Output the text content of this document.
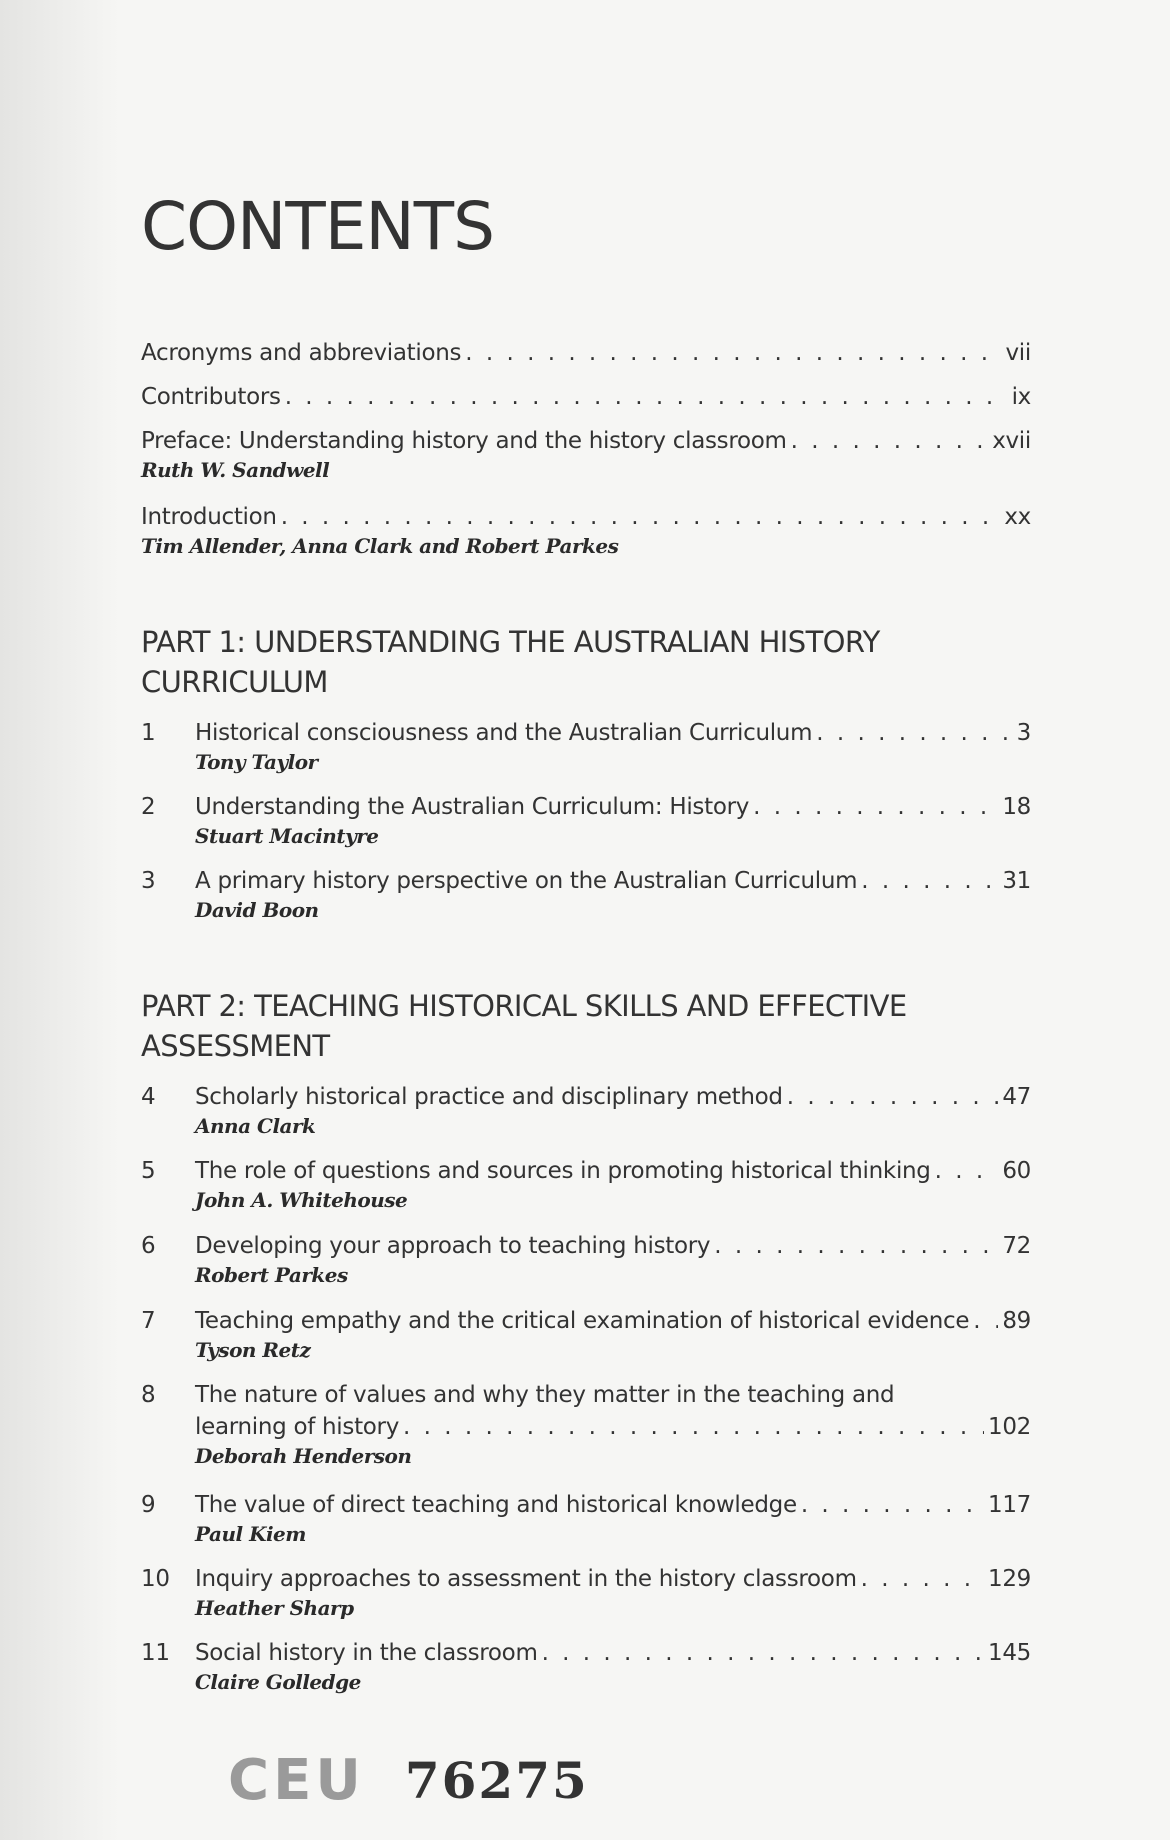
CONTENTS
Acronyms and abbreviations . . .	vii
Contributors . . .	ix
Preface: Understanding history and the history classroom . . .	xvii
Ruth W. Sandwell
Introduction . . .	xx
Tim Allender, Anna Clark and Robert Parkes
PART 1: UNDERSTANDING THE AUSTRALIAN HISTORY CURRICULUM
1	Historical consciousness and the Australian Curriculum . . .	3
Tony Taylor
2	Understanding the Australian Curriculum: History . . .	18
Stuart Macintyre
3	A primary history perspective on the Australian Curriculum . . .	31
David Boon
PART 2: TEACHING HISTORICAL SKILLS AND EFFECTIVE ASSESSMENT
4	Scholarly historical practice and disciplinary method . . .	47
Anna Clark
5	The role of questions and sources in promoting historical thinking . . .	60
John A. Whitehouse
6	Developing your approach to teaching history . . .	72
Robert Parkes
7	Teaching empathy and the critical examination of historical evidence . . . 89
Tyson Retz
8	The nature of values and why they matter in the teaching and
learning of history . . .	102
Deborah Henderson
9	The value of direct teaching and historical knowledge . . .	117
Paul Kiem
10	Inquiry approaches to assessment in the history classroom . . .	129
Heather Sharp
11	Social history in the classroom . . .	145
Claire Golledge
CEU 76275
